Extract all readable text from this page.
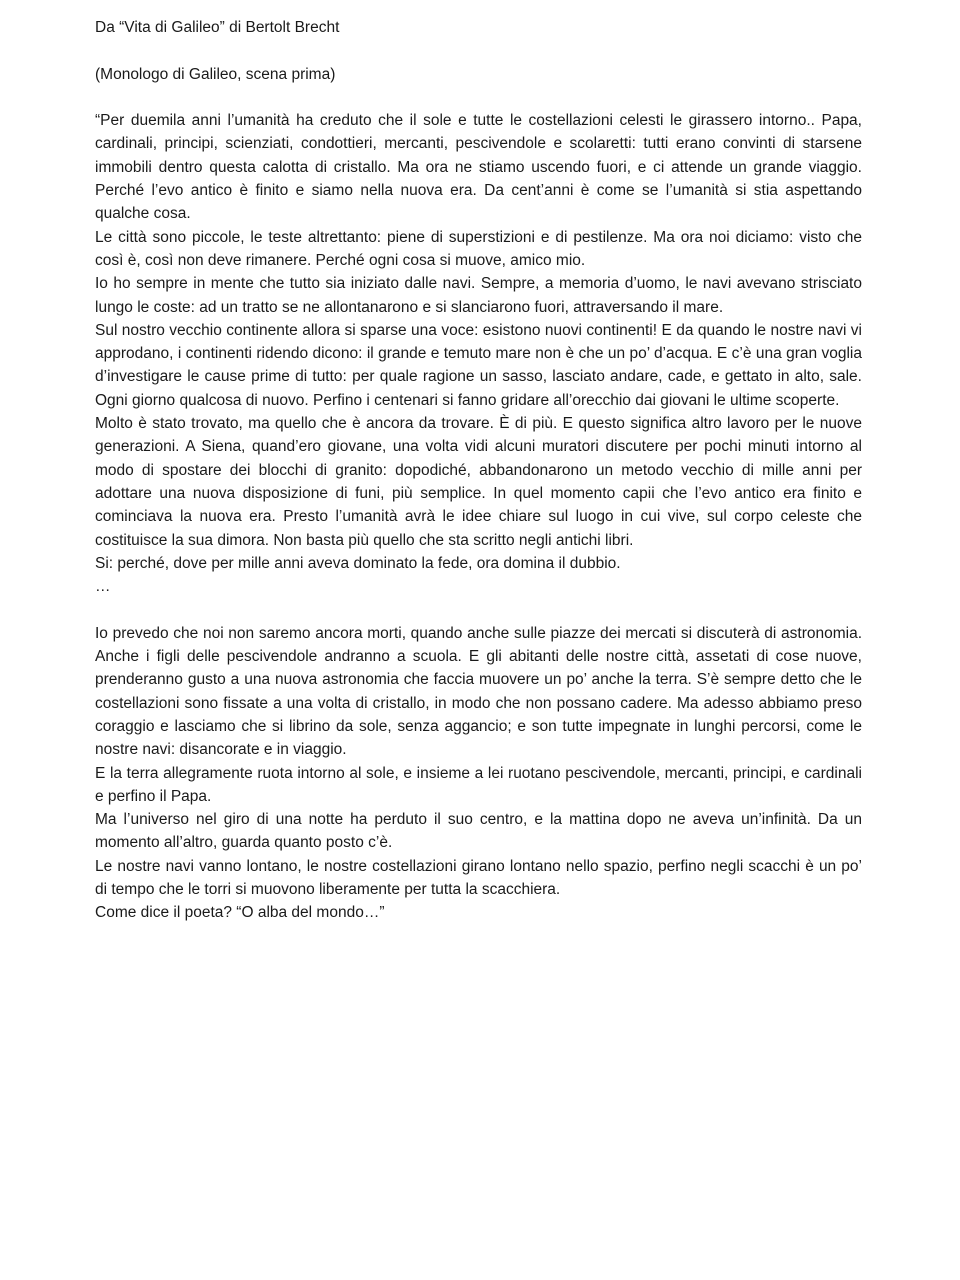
Da “Vita di Galileo” di Bertolt Brecht
(Monologo di Galileo, scena prima)

“Per duemila anni l’umanità ha creduto che il sole e tutte le costellazioni celesti le girassero intorno.. Papa, cardinali, principi, scienziati, condottieri, mercanti, pescivendole e scolaretti: tutti erano convinti di starsene immobili dentro questa calotta di cristallo. Ma ora ne stiamo uscendo fuori, e ci attende un grande viaggio. Perché l’evo antico è finito e siamo nella nuova era. Da cent’anni è come se l’umanità si stia aspettando qualche cosa.

Le città sono piccole, le teste altrettanto: piene di superstizioni e di pestilenze. Ma ora noi diciamo: visto che così è, così non deve rimanere. Perché ogni cosa si muove, amico mio.

Io ho sempre in mente che tutto sia iniziato dalle navi. Sempre, a memoria d’uomo, le navi avevano strisciato lungo le coste: ad un tratto se ne allontanarono e si slanciarono fuori, attraversando il mare.

Sul nostro vecchio continente allora si sparse una voce: esistono nuovi continenti! E da quando le nostre navi vi approdano, i continenti ridendo dicono: il grande e temuto mare non è che un po’ d’acqua. E c’è una gran voglia d’investigare le cause prime di tutto: per quale ragione un sasso, lasciato andare, cade, e gettato in alto, sale. Ogni giorno qualcosa di nuovo. Perfino i centenari si fanno gridare all’orecchio dai giovani le ultime scoperte.

Molto è stato trovato, ma quello che è ancora da trovare. È di più. E questo significa altro lavoro per le nuove generazioni. A Siena, quand’ero giovane, una volta vidi alcuni muratori discutere per pochi minuti intorno al modo di spostare dei blocchi di granito: dopodiché, abbandonarono un metodo vecchio di mille anni per adottare una nuova disposizione di funi, più semplice. In quel momento capii che l’evo antico era finito e cominciava la nuova era. Presto l’umanità avrà le idee chiare sul luogo in cui vive, sul corpo celeste che costituisce la sua dimora. Non basta più quello che sta scritto negli antichi libri.

Si: perché, dove per mille anni aveva dominato la fede, ora domina il dubbio.

…

Io prevedo che noi non saremo ancora morti, quando anche sulle piazze dei mercati si discuterà di astronomia. Anche i figli delle pescivendole andranno a scuola. E gli abitanti delle nostre città, assetati di cose nuove, prenderanno gusto a una nuova astronomia che faccia muovere un po’ anche la terra. S’è sempre detto che le costellazioni sono fissate a una volta di cristallo, in modo che non possano cadere. Ma adesso abbiamo preso coraggio e lasciamo che si librino da sole, senza aggancio; e son tutte impegnate in lunghi percorsi, come le nostre navi: disancorate e in viaggio.

E la terra allegramente ruota intorno al sole, e insieme a lei ruotano pescivendole, mercanti, principi, e cardinali e perfino il Papa.

Ma l’universo nel giro di una notte ha perduto il suo centro, e la mattina dopo ne aveva un’infinità. Da un momento all’altro, guarda quanto posto c’è.

Le nostre navi vanno lontano, le nostre costellazioni girano lontano nello spazio, perfino negli scacchi è un po’ di tempo che le torri si muovono liberamente per tutta la scacchiera.

Come dice il poeta? “O alba del mondo…”
